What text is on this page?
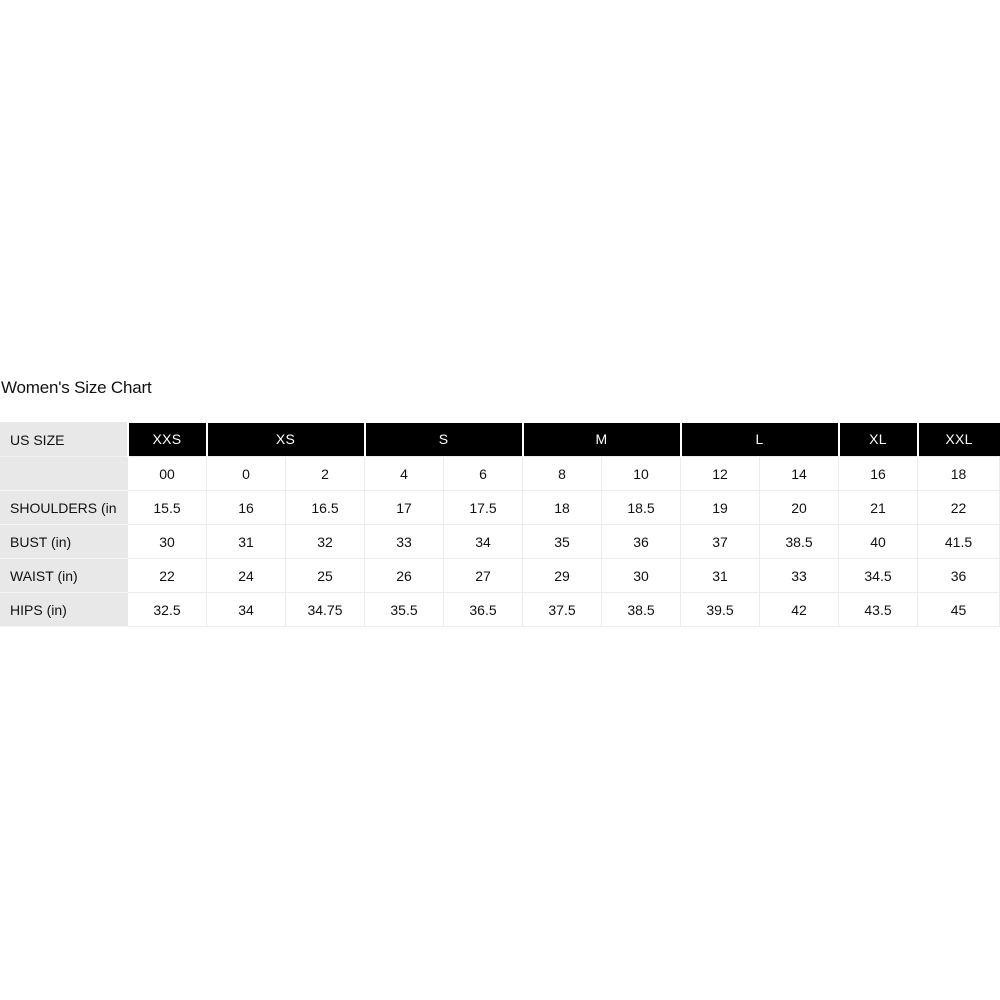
Women's Size Chart
US SIZE	XXS	XS		S		M		L		XL	XXL
	00	0	2	4	6	8	10	12	14	16	18
SHOULDERS (in	15.5	16	16.5	17	17.5	18	18.5	19	20	21	22
BUST (in)	30	31	32	33	34	35	36	37	38.5	40	41.5
WAIST (in)	22	24	25	26	27	29	30	31	33	34.5	36
HIPS (in)	32.5	34	34.75	35.5	36.5	37.5	38.5	39.5	42	43.5	45
